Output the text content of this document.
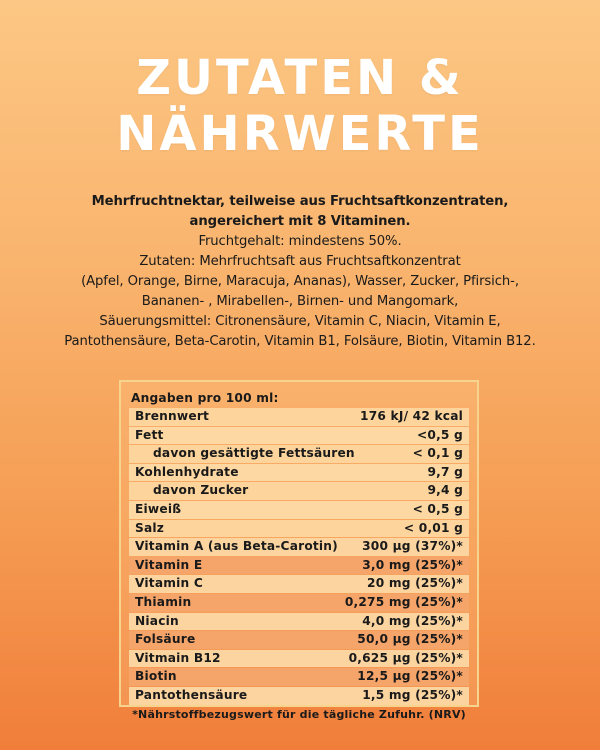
ZUTATEN &
NÄHRWERTE
Mehrfruchtnektar, teilweise aus Fruchtsaftkonzentraten,
angereichert mit 8 Vitaminen.
Fruchtgehalt: mindestens 50%.
Zutaten: Mehrfruchtsaft aus Fruchtsaftkonzentrat
(Apfel, Orange, Birne, Maracuja, Ananas), Wasser, Zucker, Pfirsich-,
Bananen- , Mirabellen-, Birnen- und Mangomark,
Säuerungsmittel: Citronensäure, Vitamin C, Niacin, Vitamin E,
Pantothensäure, Beta-Carotin, Vitamin B1, Folsäure, Biotin, Vitamin B12.
Angaben pro 100 ml:
Brennwert	176 kJ/ 42 kcal
Fett	<0,5 g
davon gesättigte Fettsäuren	< 0,1 g
Kohlenhydrate	9,7 g
davon Zucker	9,4 g
Eiweiß	< 0,5 g
Salz	< 0,01 g
Vitamin A (aus Beta-Carotin) 300 µg (37%)*
Vitamin E	3,0 mg (25%)*
Vitamin C	20 mg (25%)*
Thiamin	0,275 mg (25%)*
Niacin	4,0 mg (25%)*
Folsäure	50,0 µg (25%)*
Vitmain B12	0,625 µg (25%)*
Biotin	12,5 µg (25%)*
Pantothensäure	1,5 mg (25%)*
*Nährstoffbezugswert für die tägliche Zufuhr. (NRV)
